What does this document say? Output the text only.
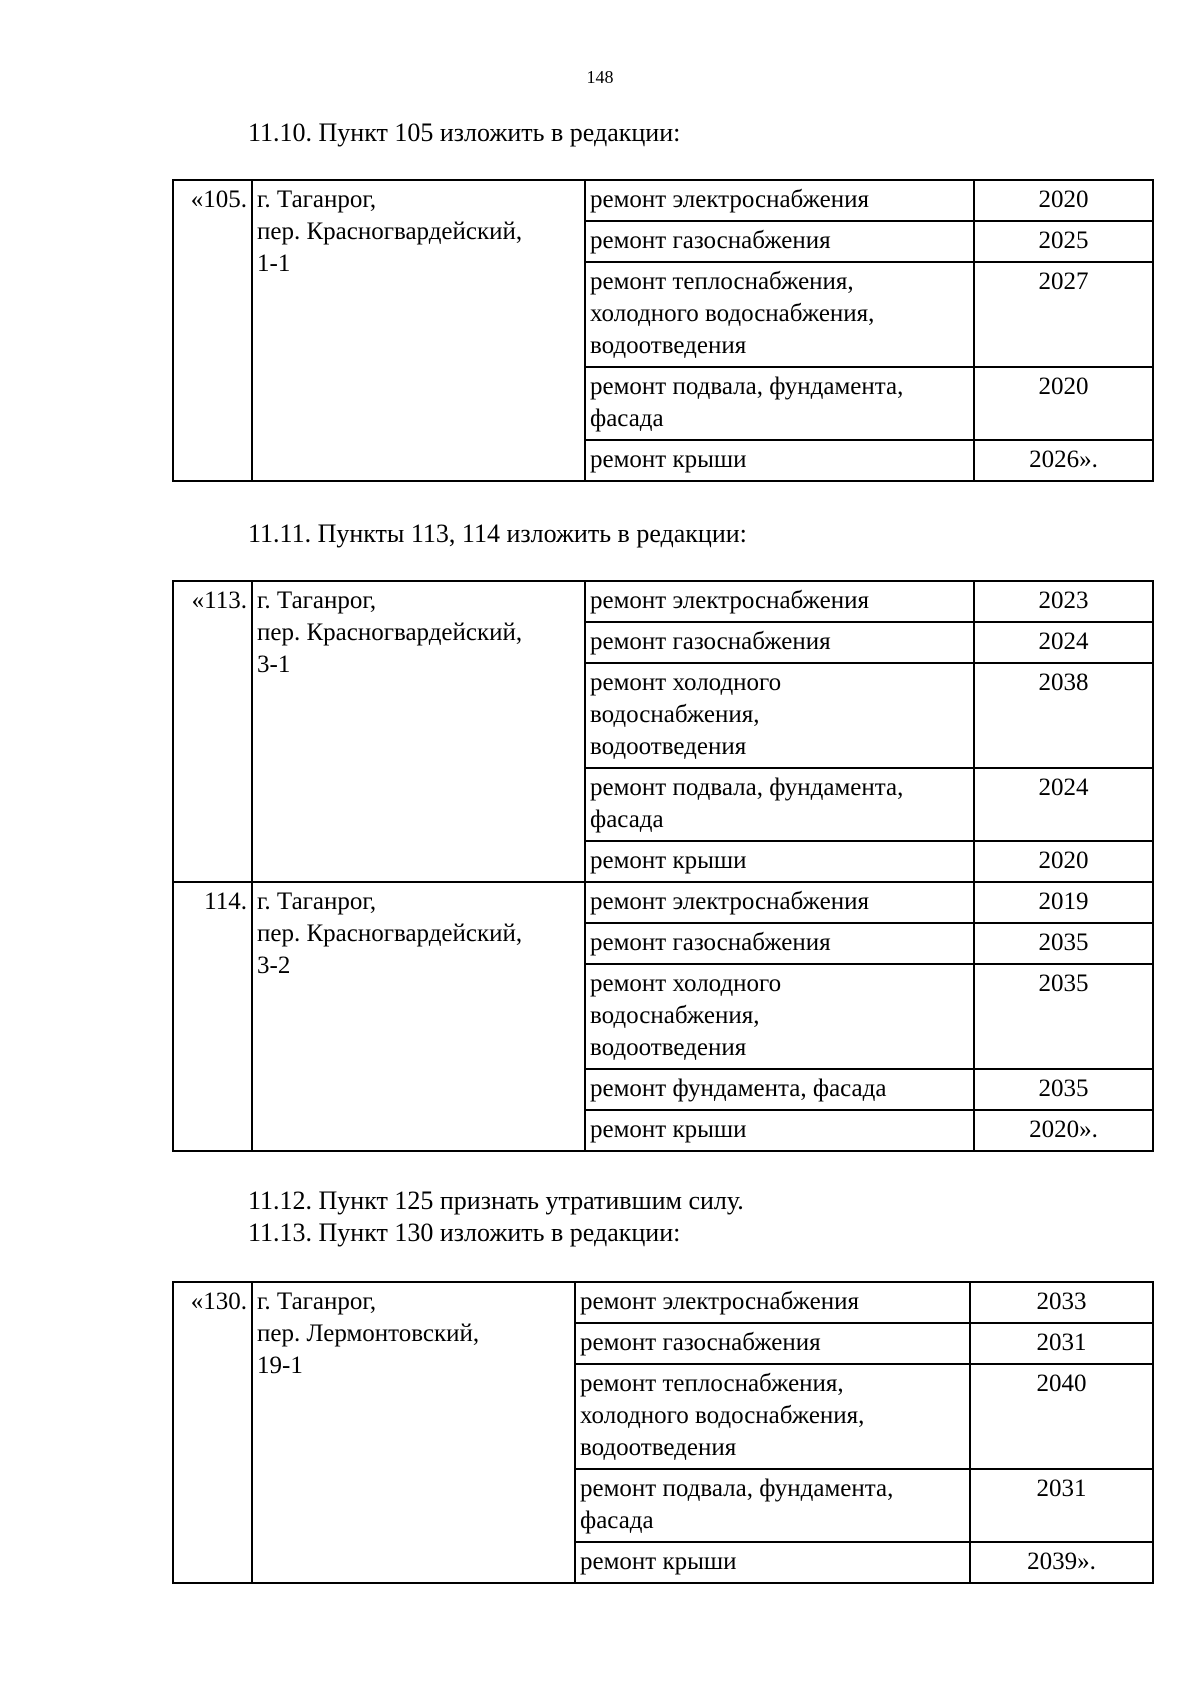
148
11.10. Пункт 105 изложить в редакции:
«105.	г. Таганрог,
пер. Красногвардейский,
1-1	ремонт электроснабжения	2020

		ремонт газоснабжения	2025

		ремонт теплоснабжения,
холодного водоснабжения,
водоотведения	2027

		ремонт подвала, фундамента,
фасада	2020

		ремонт крыши	2026».
11.11. Пункты 113, 114 изложить в редакции:
«113.	г. Таганрог,
пер. Красногвардейский,
3-1	ремонт электроснабжения	2023

		ремонт газоснабжения	2024

		ремонт холодного
водоснабжения,
водоотведения	2038

		ремонт подвала, фундамента,
фасада	2024

		ремонт крыши	2020
114.	г. Таганрог,
пер. Красногвардейский,
3-2	ремонт электроснабжения	2019

		ремонт газоснабжения	2035

		ремонт холодного
водоснабжения,
водоотведения	2035

		ремонт фундамента, фасада	2035

		ремонт крыши	2020».
11.12. Пункт 125 признать утратившим силу.
11.13. Пункт 130 изложить в редакции:
«130.	г. Таганрог,
пер. Лермонтовский,
19-1	ремонт электроснабжения	2033

		ремонт газоснабжения	2031

		ремонт теплоснабжения,
холодного водоснабжения,
водоотведения	2040

		ремонт подвала, фундамента,
фасада	2031

		ремонт крыши	2039».
